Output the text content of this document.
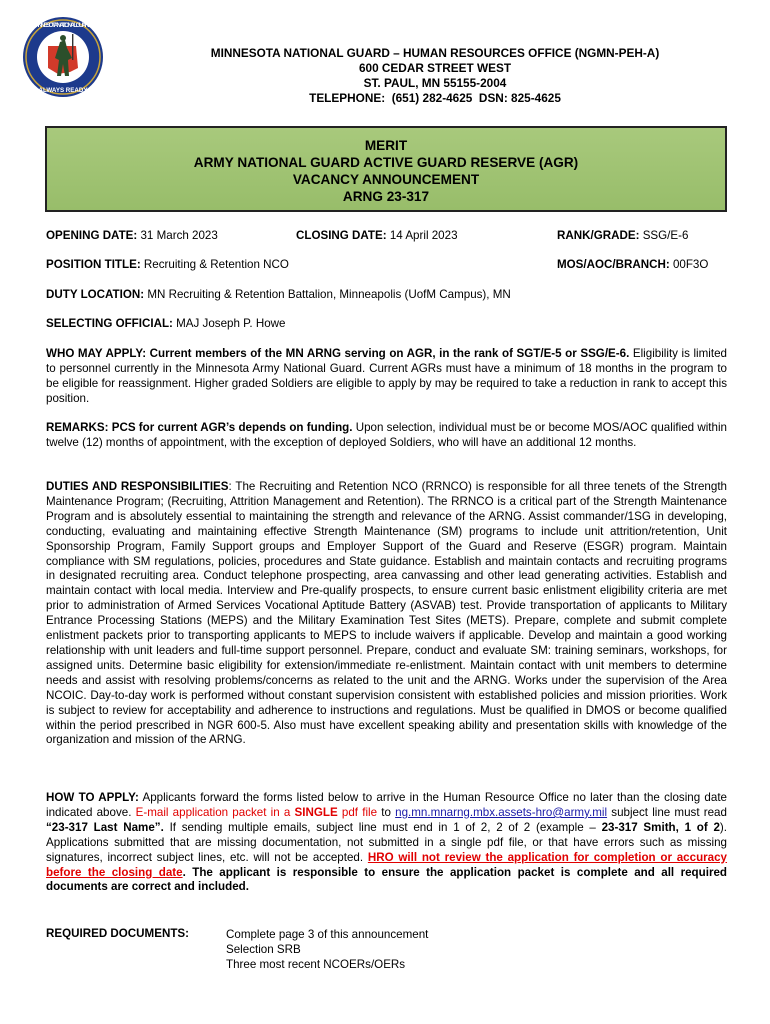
MINNESOTA NATIONAL GUARD
ALWAYS READY
MINNESOTA NATIONAL GUARD – HUMAN RESOURCES OFFICE (NGMN-PEH-A)
600 CEDAR STREET WEST
ST. PAUL, MN 55155-2004
TELEPHONE:  (651) 282-4625  DSN: 825-4625
MERIT
ARMY NATIONAL GUARD ACTIVE GUARD RESERVE (AGR)
VACANCY ANNOUNCEMENT
ARNG 23-317
OPENING DATE: 31 March 2023	CLOSING DATE: 14 April 2023	RANK/GRADE: SSG/E-6
POSITION TITLE: Recruiting & Retention NCO	MOS/AOC/BRANCH: 00F3O
DUTY LOCATION: MN Recruiting & Retention Battalion, Minneapolis (UofM Campus), MN
SELECTING OFFICIAL: MAJ Joseph P. Howe
WHO MAY APPLY: Current members of the MN ARNG serving on AGR, in the rank of SGT/E-5 or SSG/E-6. Eligibility is limited to personnel currently in the Minnesota Army National Guard. Current AGRs must have a minimum of 18 months in the program to be eligible for reassignment. Higher graded Soldiers are eligible to apply by may be required to take a reduction in rank to accept this position.
REMARKS: PCS for current AGR’s depends on funding. Upon selection, individual must be or become MOS/AOC qualified within twelve (12) months of appointment, with the exception of deployed Soldiers, who will have an additional 12 months.
DUTIES AND RESPONSIBILITIES: The Recruiting and Retention NCO (RRNCO) is responsible for all three tenets of the Strength Maintenance Program; (Recruiting, Attrition Management and Retention). The RRNCO is a critical part of the Strength Maintenance Program and is absolutely essential to maintaining the strength and relevance of the ARNG. Assist commander/1SG in developing, conducting, evaluating and maintaining effective Strength Maintenance (SM) programs to include unit attrition/retention, Unit Sponsorship Program, Family Support groups and Employer Support of the Guard and Reserve (ESGR) program. Maintain compliance with SM regulations, policies, procedures and State guidance. Establish and maintain contacts and recruiting programs in designated recruiting area. Conduct telephone prospecting, area canvassing and other lead generating activities. Establish and maintain contact with local media. Interview and Pre-qualify prospects, to ensure current basic enlistment eligibility criteria are met prior to administration of Armed Services Vocational Aptitude Battery (ASVAB) test. Provide transportation of applicants to Military Entrance Processing Stations (MEPS) and the Military Examination Test Sites (METS). Prepare, complete and submit complete enlistment packets prior to transporting applicants to MEPS to include waivers if applicable. Develop and maintain a good working relationship with unit leaders and full-time support personnel. Prepare, conduct and evaluate SM: training seminars, workshops, for assigned units. Determine basic eligibility for extension/immediate re-enlistment. Maintain contact with unit members to determine needs and assist with resolving problems/concerns as related to the unit and the ARNG. Works under the supervision of the Area NCOIC. Day-to-day work is performed without constant supervision consistent with established policies and mission priorities. Work is subject to review for acceptability and adherence to instructions and regulations. Must be qualified in DMOS or become qualified within the period prescribed in NGR 600-5. Also must have excellent speaking ability and presentation skills with knowledge of the organization and mission of the ARNG.
HOW TO APPLY: Applicants forward the forms listed below to arrive in the Human Resource Office no later than the closing date indicated above. E-mail application packet in a SINGLE pdf file to ng.mn.mnarng.mbx.assets-hro@army.mil subject line must read “23-317 Last Name”. If sending multiple emails, subject line must end in 1 of 2, 2 of 2 (example – 23-317 Smith, 1 of 2). Applications submitted that are missing documentation, not submitted in a single pdf file, or that have errors such as missing signatures, incorrect subject lines, etc. will not be accepted. HRO will not review the application for completion or accuracy before the closing date. The applicant is responsible to ensure the application packet is complete and all required documents are correct and included.
REQUIRED DOCUMENTS:	Complete page 3 of this announcement
Selection SRB
Three most recent NCOERs/OERs
